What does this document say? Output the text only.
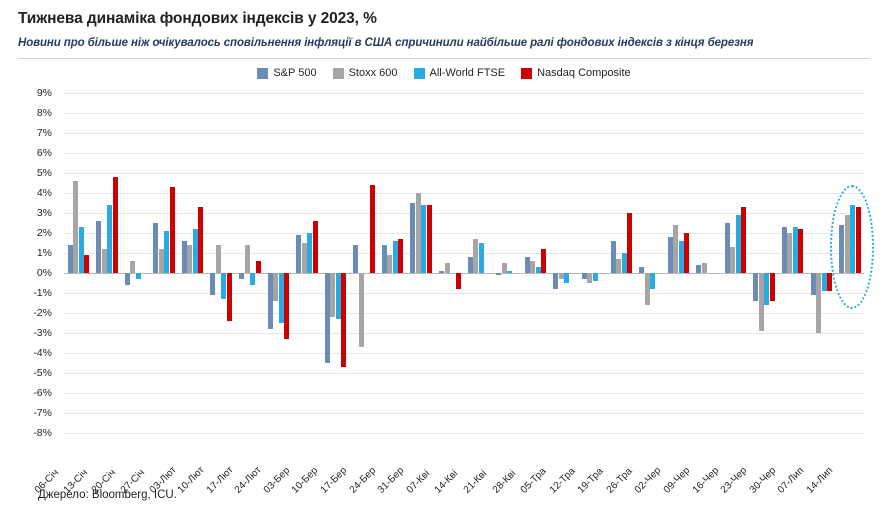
Тижнева динаміка фондових індексів у 2023, %
Новини про більше ніж очікувалось сповільнення інфляції в США спричинили найбільше ралі фондових індексів з кінця березня
S&P 500	Stoxx 600	All-World FTSE	Nasdaq Composite
9%
8%
7%
6%
5%
4%
3%
2%
1%
0%
-1%
-2%
-3%
-4%
-5%
-6%
-7%
-8%
06-Січ 13-Січ 20-Січ 27-Січ 03-Лют
10-Лют
17-Лют
24-Лют
03-Бер
10-Бер
17-Бер
24-Бер
31-Бер
07-Кві 14-Кві 21-Кві 28-Кві 05-Тра
12-Тра
19-Тра
26-Тра
02-Чер
09-Чер
16-Чер
23-Чер
30-Чер
07-Лип
14-Лип
Джерело: Bloomberg, ICU.
